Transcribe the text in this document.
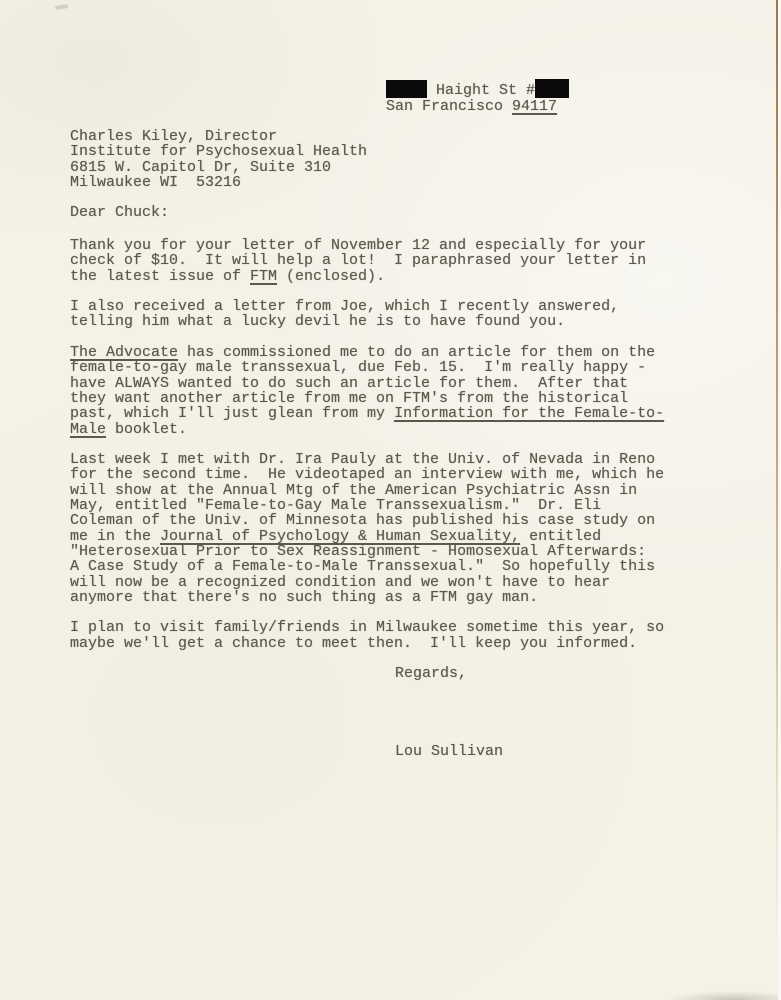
Haight St #
San Francisco 94117
Charles Kiley, Director
Institute for Psychosexual Health
6815 W. Capitol Dr, Suite 310
Milwaukee WI  53216
Dear Chuck:
Thank you for your letter of November 12 and especially for your
check of $10.  It will help a lot!  I paraphrased your letter in
the latest issue of FTM (enclosed).
I also received a letter from Joe, which I recently answered,
telling him what a lucky devil he is to have found you.
The Advocate has commissioned me to do an article for them on the
female-to-gay male transsexual, due Feb. 15.  I'm really happy -
have ALWAYS wanted to do such an article for them.  After that
they want another article from me on FTM's from the historical
past, which I'll just glean from my Information for the Female-to-
Male booklet.
Last week I met with Dr. Ira Pauly at the Univ. of Nevada in Reno
for the second time.  He videotaped an interview with me, which he
will show at the Annual Mtg of the American Psychiatric Assn in
May, entitled "Female-to-Gay Male Transsexualism."  Dr. Eli
Coleman of the Univ. of Minnesota has published his case study on
me in the Journal of Psychology & Human Sexuality, entitled
"Heterosexual Prior to Sex Reassignment - Homosexual Afterwards:
A Case Study of a Female-to-Male Transsexual."  So hopefully this
will now be a recognized condition and we won't have to hear
anymore that there's no such thing as a FTM gay man.
I plan to visit family/friends in Milwaukee sometime this year, so
maybe we'll get a chance to meet then.  I'll keep you informed.
Regards,
Lou Sullivan
